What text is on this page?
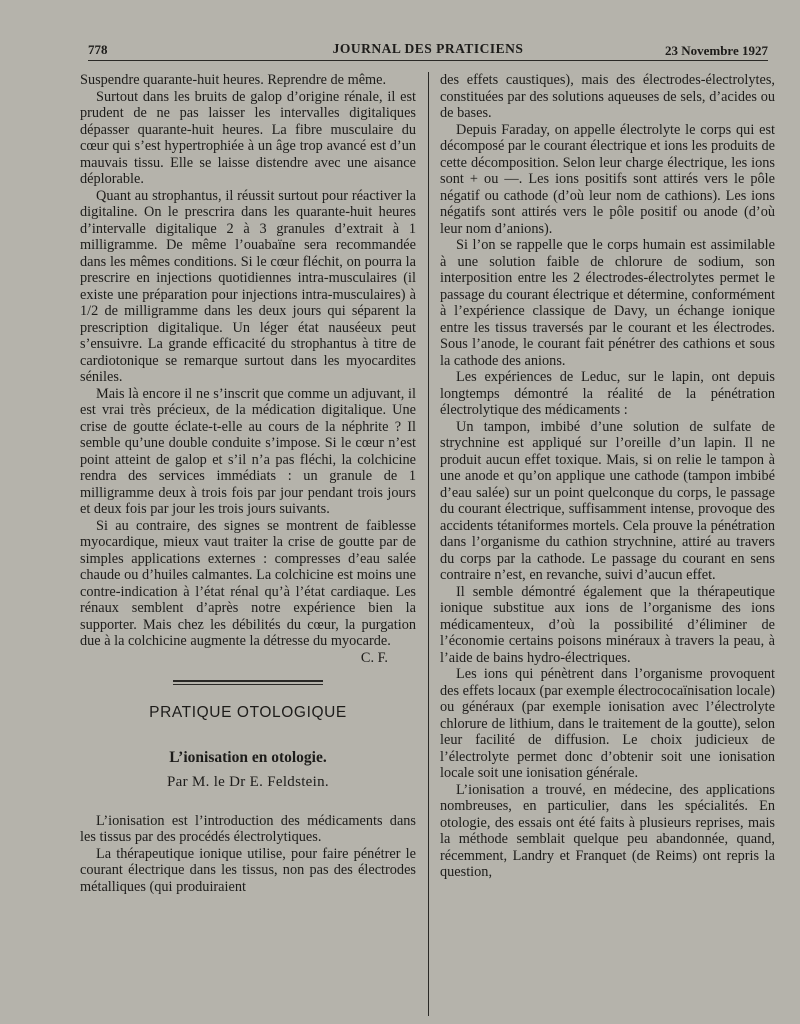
778	JOURNAL DES PRATICIENS	23 Novembre 1927

Suspendre quarante-huit heures. Reprendre de même.

Surtout dans les bruits de galop d’origine rénale, il est prudent de ne pas laisser les intervalles digitaliques dépasser quarante-huit heures. La fibre musculaire du cœur qui s’est hypertrophiée à un âge trop avancé est d’un mauvais tissu. Elle se laisse distendre avec une aisance déplorable.

Quant au strophantus, il réussit surtout pour réactiver la digitaline. On le prescrira dans les quarante-huit heures d’intervalle digitalique 2 à 3 granules d’extrait à 1 milligramme. De même l’ouabaïne sera recommandée dans les mêmes conditions. Si le cœur fléchit, on pourra la prescrire en injections quotidiennes intra-musculaires (il existe une préparation pour injections intra-musculaires) à 1/2 de milligramme dans les deux jours qui séparent la prescription digitalique. Un léger état nauséeux peut s’ensuivre. La grande efficacité du strophantus à titre de cardiotonique se remarque surtout dans les myocardites séniles.

Mais là encore il ne s’inscrit que comme un adjuvant, il est vrai très précieux, de la médication digitalique. Une crise de goutte éclate-t-elle au cours de la néphrite ? Il semble qu’une double conduite s’impose. Si le cœur n’est point atteint de galop et s’il n’a pas fléchi, la colchicine rendra des services immédiats : un granule de 1 milligramme deux à trois fois par jour pendant trois jours et deux fois par jour les trois jours suivants.

Si au contraire, des signes se montrent de faiblesse myocardique, mieux vaut traiter la crise de goutte par de simples applications externes : compresses d’eau salée chaude ou d’huiles calmantes. La colchicine est moins une contre-indication à l’état rénal qu’à l’état cardiaque. Les rénaux semblent d’après notre expérience bien la supporter. Mais chez les débilités du cœur, la purgation due à la colchicine augmente la détresse du myocarde.

C. F.
PRATIQUE OTOLOGIQUE
L’ionisation en otologie.
Par M. le Dr E. Feldstein.

L’ionisation est l’introduction des médicaments dans les tissus par des procédés électrolytiques.

La thérapeutique ionique utilise, pour faire pénétrer le courant électrique dans les tissus, non pas des électrodes métalliques (qui produiraient

des effets caustiques), mais des électrodes-électrolytes, constituées par des solutions aqueuses de sels, d’acides ou de bases.

Depuis Faraday, on appelle électrolyte le corps qui est décomposé par le courant électrique et ions les produits de cette décomposition. Selon leur charge électrique, les ions sont + ou —. Les ions positifs sont attirés vers le pôle négatif ou cathode (d’où leur nom de cathions). Les ions négatifs sont attirés vers le pôle positif ou anode (d’où leur nom d’anions).

Si l’on se rappelle que le corps humain est assimilable à une solution faible de chlorure de sodium, son interposition entre les 2 électrodes-électrolytes permet le passage du courant électrique et détermine, conformément à l’expérience classique de Davy, un échange ionique entre les tissus traversés par le courant et les électrodes. Sous l’anode, le courant fait pénétrer des cathions et sous la cathode des anions.

Les expériences de Leduc, sur le lapin, ont depuis longtemps démontré la réalité de la pénétration électrolytique des médicaments :

Un tampon, imbibé d’une solution de sulfate de strychnine est appliqué sur l’oreille d’un lapin. Il ne produit aucun effet toxique. Mais, si on relie le tampon à une anode et qu’on applique une cathode (tampon imbibé d’eau salée) sur un point quelconque du corps, le passage du courant électrique, suffisamment intense, provoque des accidents tétaniformes mortels. Cela prouve la pénétration dans l’organisme du cathion strychnine, attiré au travers du corps par la cathode. Le passage du courant en sens contraire n’est, en revanche, suivi d’aucun effet.

Il semble démontré également que la thérapeutique ionique substitue aux ions de l’organisme des ions médicamenteux, d’où la possibilité d’éliminer de l’économie certains poisons minéraux à travers la peau, à l’aide de bains hydro-électriques.

Les ions qui pénètrent dans l’organisme provoquent des effets locaux (par exemple électrococaïnisation locale) ou généraux (par exemple ionisation avec l’électrolyte chlorure de lithium, dans le traitement de la goutte), selon leur facilité de diffusion. Le choix judicieux de l’électrolyte permet donc d’obtenir soit une ionisation locale soit une ionisation générale.

L’ionisation a trouvé, en médecine, des applications nombreuses, en particulier, dans les spécialités. En otologie, des essais ont été faits à plusieurs reprises, mais la méthode semblait quelque peu abandonnée, quand, récemment, Landry et Franquet (de Reims) ont repris la question,
